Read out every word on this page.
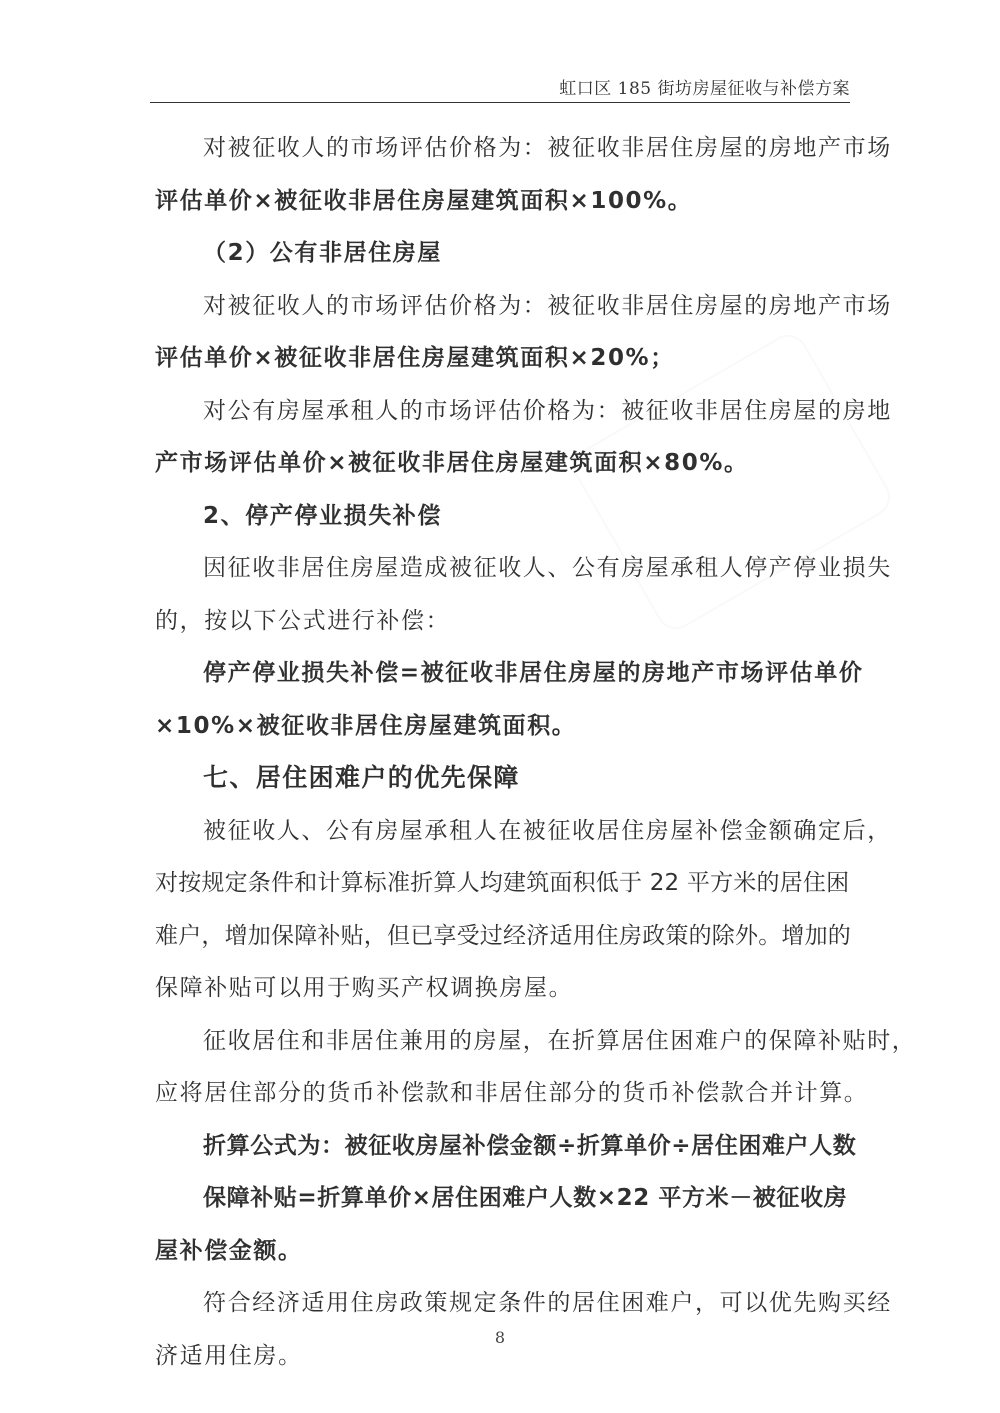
虹口区 185 街坊房屋征收与补偿方案
对被征收人的市场评估价格为：被征收非居住房屋的房地产市场
评估单价×被征收非居住房屋建筑面积×100%。
（2）公有非居住房屋
对被征收人的市场评估价格为：被征收非居住房屋的房地产市场
评估单价×被征收非居住房屋建筑面积×20%；
对公有房屋承租人的市场评估价格为：被征收非居住房屋的房地
产市场评估单价×被征收非居住房屋建筑面积×80%。
2、停产停业损失补偿
因征收非居住房屋造成被征收人、公有房屋承租人停产停业损失
的，按以下公式进行补偿：
停产停业损失补偿=被征收非居住房屋的房地产市场评估单价
×10%×被征收非居住房屋建筑面积。
七、居住困难户的优先保障
被征收人、公有房屋承租人在被征收居住房屋补偿金额确定后，
对按规定条件和计算标准折算人均建筑面积低于 22 平方米的居住困
难户，增加保障补贴，但已享受过经济适用住房政策的除外。增加的
保障补贴可以用于购买产权调换房屋。
征收居住和非居住兼用的房屋，在折算居住困难户的保障补贴时，
应将居住部分的货币补偿款和非居住部分的货币补偿款合并计算。
折算公式为：被征收房屋补偿金额÷折算单价÷居住困难户人数
保障补贴=折算单价×居住困难户人数×22 平方米－被征收房
屋补偿金额。
符合经济适用住房政策规定条件的居住困难户，可以优先购买经
济适用住房。
8
